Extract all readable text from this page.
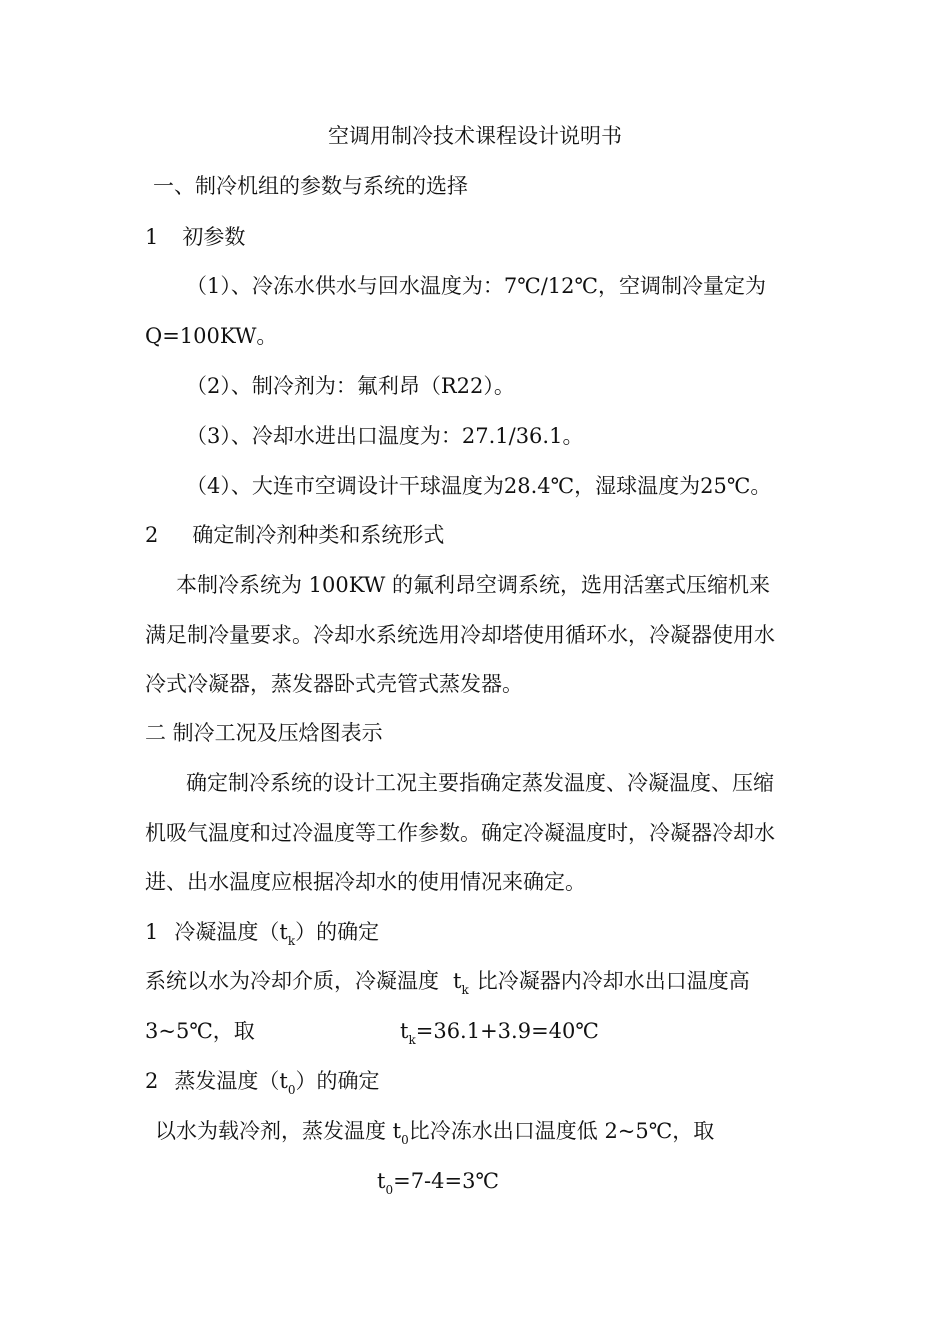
空调用制冷技术课程设计说明书
一、制冷机组的参数与系统的选择
1 初参数
（1）、冷冻水供水与回水温度为：7℃/12℃，空调制冷量定为
Q=100KW。
（2）、制冷剂为：氟利昂（R22）。
（3）、冷却水进出口温度为：27.1/36.1。
（4）、大连市空调设计干球温度为28.4℃，湿球温度为25℃。
2 确定制冷剂种类和系统形式
本制冷系统为 100KW 的氟利昂空调系统，选用活塞式压缩机来
满足制冷量要求。冷却水系统选用冷却塔使用循环水，冷凝器使用水
冷式冷凝器，蒸发器卧式壳管式蒸发器。
二 制冷工况及压焓图表示
确定制冷系统的设计工况主要指确定蒸发温度、冷凝温度、压缩
机吸气温度和过冷温度等工作参数。确定冷凝温度时，冷凝器冷却水
进、出水温度应根据冷却水的使用情况来确定。
1 冷凝温度$(t_k)$的确定
系统以水为冷却介质，冷凝温度 $t_k$ 比冷凝器内冷却水出口温度高
3~5℃，取	$t_k=36.1+3.9=40℃$
2 蒸发温度$(t_0)$的确定
以水为载冷剂，蒸发温度 $t_0$比冷冻水出口温度低 2~5℃，取
$t_0=7-4=3℃$
